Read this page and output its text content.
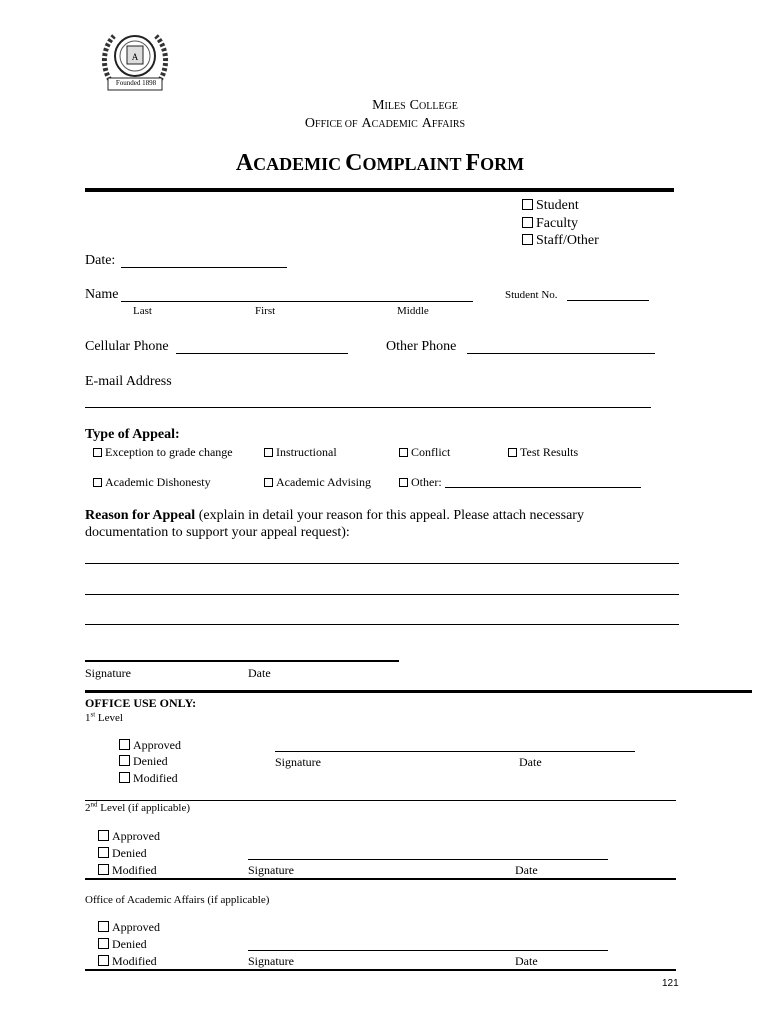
A
Founded 1898
MILES COLLEGE
OFFICE OF ACADEMIC AFFAIRS
ACADEMIC COMPLAINT FORM
Student
Faculty
Staff/Other
Date:
Name
Last	First	Middle
Student No.
Cellular Phone	Other Phone
E-mail Address
Type of Appeal:
Exception to grade change	Instructional	Conflict	Test Results
Academic Dishonesty	Academic Advising	Other:
Reason for Appeal (explain in detail your reason for this appeal. Please attach necessary
documentation to support your appeal request):
Signature	Date
OFFICE USE ONLY:
1st Level
Approved
Denied
Modified
Signature	Date
2nd Level (if applicable)
Approved
Denied
Modified	Signature	Date
Office of Academic Affairs (if applicable)
Approved
Denied
Modified	Signature	Date
121
